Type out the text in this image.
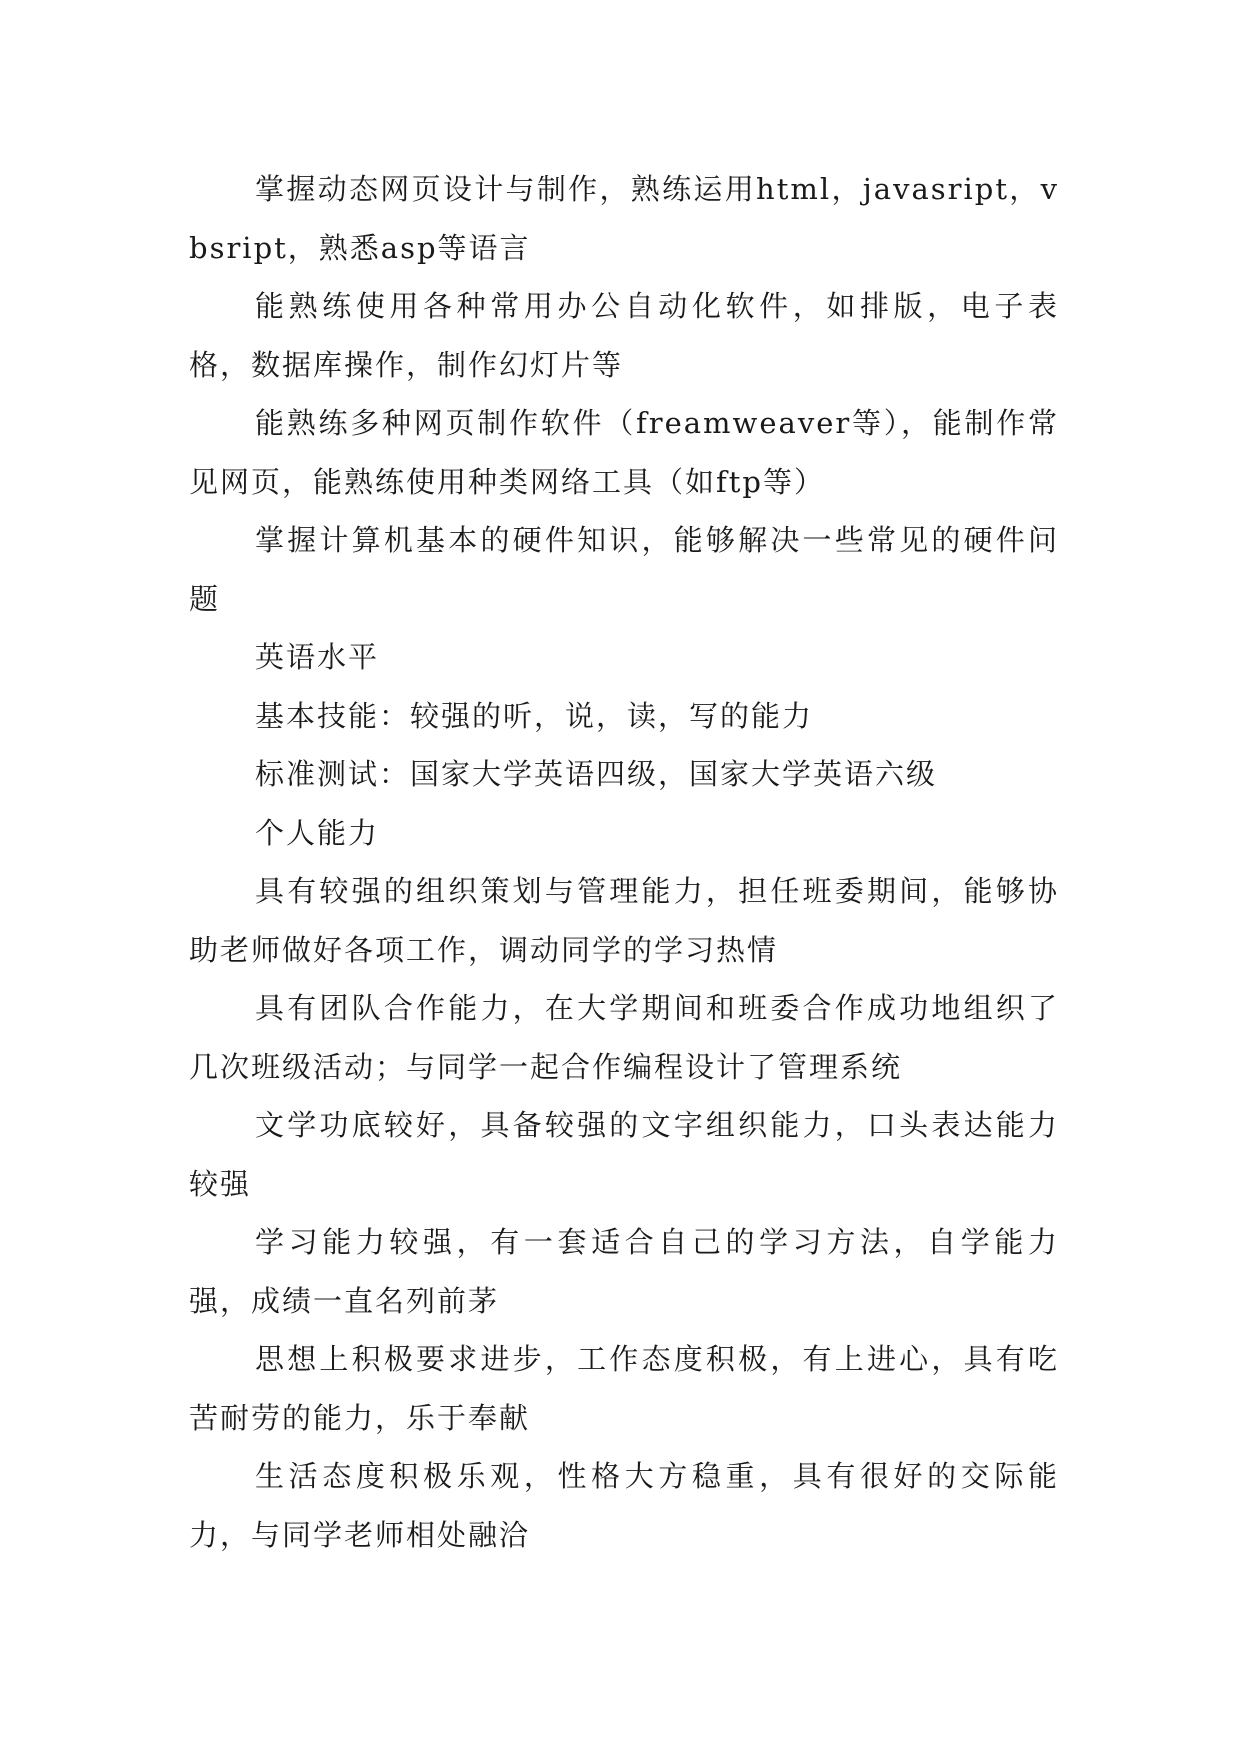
掌握动态网页设计与制作，熟练运用html，javasript，vbsript，熟悉asp等语言

能熟练使用各种常用办公自动化软件，如排版，电子表格，数据库操作，制作幻灯片等

能熟练多种网页制作软件（freamweaver等），能制作常见网页，能熟练使用种类网络工具（如ftp等）

掌握计算机基本的硬件知识，能够解决一些常见的硬件问题

英语水平

基本技能：较强的听，说，读，写的能力

标准测试：国家大学英语四级，国家大学英语六级

个人能力

具有较强的组织策划与管理能力，担任班委期间，能够协助老师做好各项工作，调动同学的学习热情

具有团队合作能力，在大学期间和班委合作成功地组织了几次班级活动；与同学一起合作编程设计了管理系统

文学功底较好，具备较强的文字组织能力，口头表达能力较强

学习能力较强，有一套适合自己的学习方法，自学能力强，成绩一直名列前茅

思想上积极要求进步，工作态度积极，有上进心，具有吃苦耐劳的能力，乐于奉献

生活态度积极乐观，性格大方稳重，具有很好的交际能力，与同学老师相处融洽
